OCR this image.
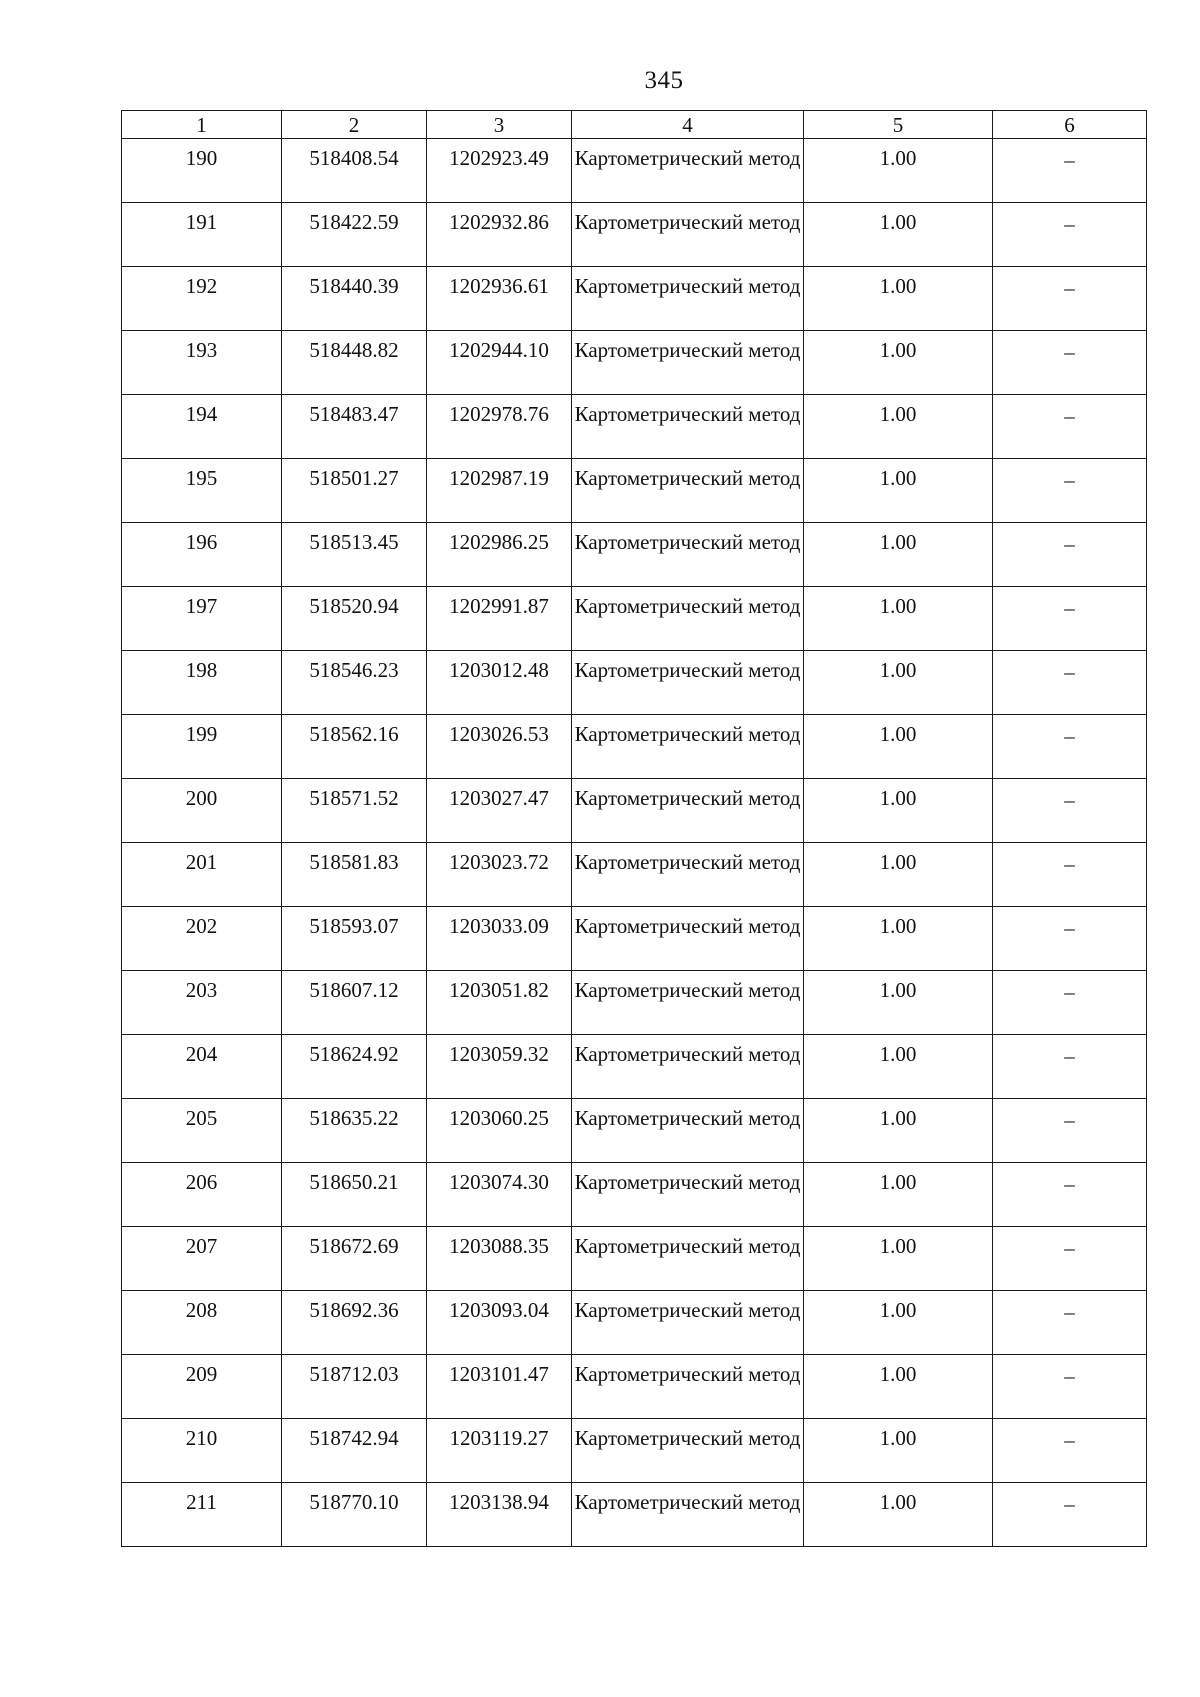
345
1	2	3	4	5	6
190	518408.54	1202923.49	Картометрический метод	1.00	–
191	518422.59	1202932.86	Картометрический метод	1.00	–
192	518440.39	1202936.61	Картометрический метод	1.00	–
193	518448.82	1202944.10	Картометрический метод	1.00	–
194	518483.47	1202978.76	Картометрический метод	1.00	–
195	518501.27	1202987.19	Картометрический метод	1.00	–
196	518513.45	1202986.25	Картометрический метод	1.00	–
197	518520.94	1202991.87	Картометрический метод	1.00	–
198	518546.23	1203012.48	Картометрический метод	1.00	–
199	518562.16	1203026.53	Картометрический метод	1.00	–
200	518571.52	1203027.47	Картометрический метод	1.00	–
201	518581.83	1203023.72	Картометрический метод	1.00	–
202	518593.07	1203033.09	Картометрический метод	1.00	–
203	518607.12	1203051.82	Картометрический метод	1.00	–
204	518624.92	1203059.32	Картометрический метод	1.00	–
205	518635.22	1203060.25	Картометрический метод	1.00	–
206	518650.21	1203074.30	Картометрический метод	1.00	–
207	518672.69	1203088.35	Картометрический метод	1.00	–
208	518692.36	1203093.04	Картометрический метод	1.00	–
209	518712.03	1203101.47	Картометрический метод	1.00	–
210	518742.94	1203119.27	Картометрический метод	1.00	–
211	518770.10	1203138.94	Картометрический метод	1.00	–
